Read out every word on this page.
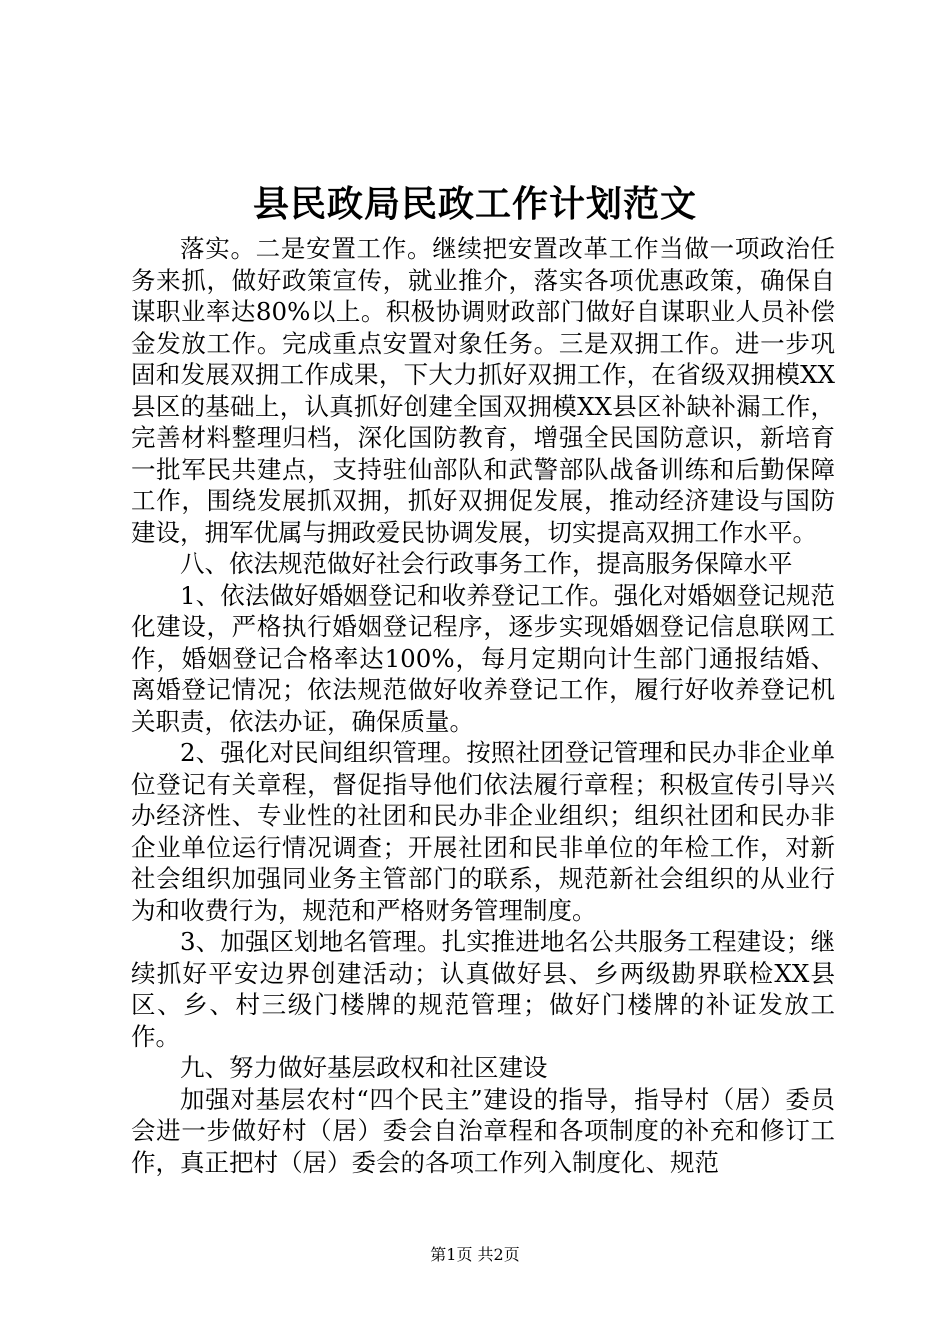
县民政局民政工作计划范文

落实。二是安置工作。继续把安置改革工作当做一项政治任务来抓，做好政策宣传，就业推介，落实各项优惠政策，确保自谋职业率达80%以上。积极协调财政部门做好自谋职业人员补偿金发放工作。完成重点安置对象任务。三是双拥工作。进一步巩固和发展双拥工作成果，下大力抓好双拥工作，在省级双拥模XX县区的基础上，认真抓好创建全国双拥模XX县区补缺补漏工作，完善材料整理归档，深化国防教育，增强全民国防意识，新培育一批军民共建点，支持驻仙部队和武警部队战备训练和后勤保障工作，围绕发展抓双拥，抓好双拥促发展，推动经济建设与国防建设，拥军优属与拥政爱民协调发展，切实提高双拥工作水平。

八、依法规范做好社会行政事务工作，提高服务保障水平

1、依法做好婚姻登记和收养登记工作。强化对婚姻登记规范化建设，严格执行婚姻登记程序，逐步实现婚姻登记信息联网工作，婚姻登记合格率达100%，每月定期向计生部门通报结婚、离婚登记情况；依法规范做好收养登记工作，履行好收养登记机关职责，依法办证，确保质量。

2、强化对民间组织管理。按照社团登记管理和民办非企业单位登记有关章程，督促指导他们依法履行章程；积极宣传引导兴办经济性、专业性的社团和民办非企业组织；组织社团和民办非企业单位运行情况调查；开展社团和民非单位的年检工作，对新社会组织加强同业务主管部门的联系，规范新社会组织的从业行为和收费行为，规范和严格财务管理制度。

3、加强区划地名管理。扎实推进地名公共服务工程建设；继续抓好平安边界创建活动；认真做好县、乡两级勘界联检XX县区、乡、村三级门楼牌的规范管理；做好门楼牌的补证发放工作。

九、努力做好基层政权和社区建设

加强对基层农村“四个民主”建设的指导，指导村（居）委员会进一步做好村（居）委会自治章程和各项制度的补充和修订工作，真正把村（居）委会的各项工作列入制度化、规范

第1页 共2页
